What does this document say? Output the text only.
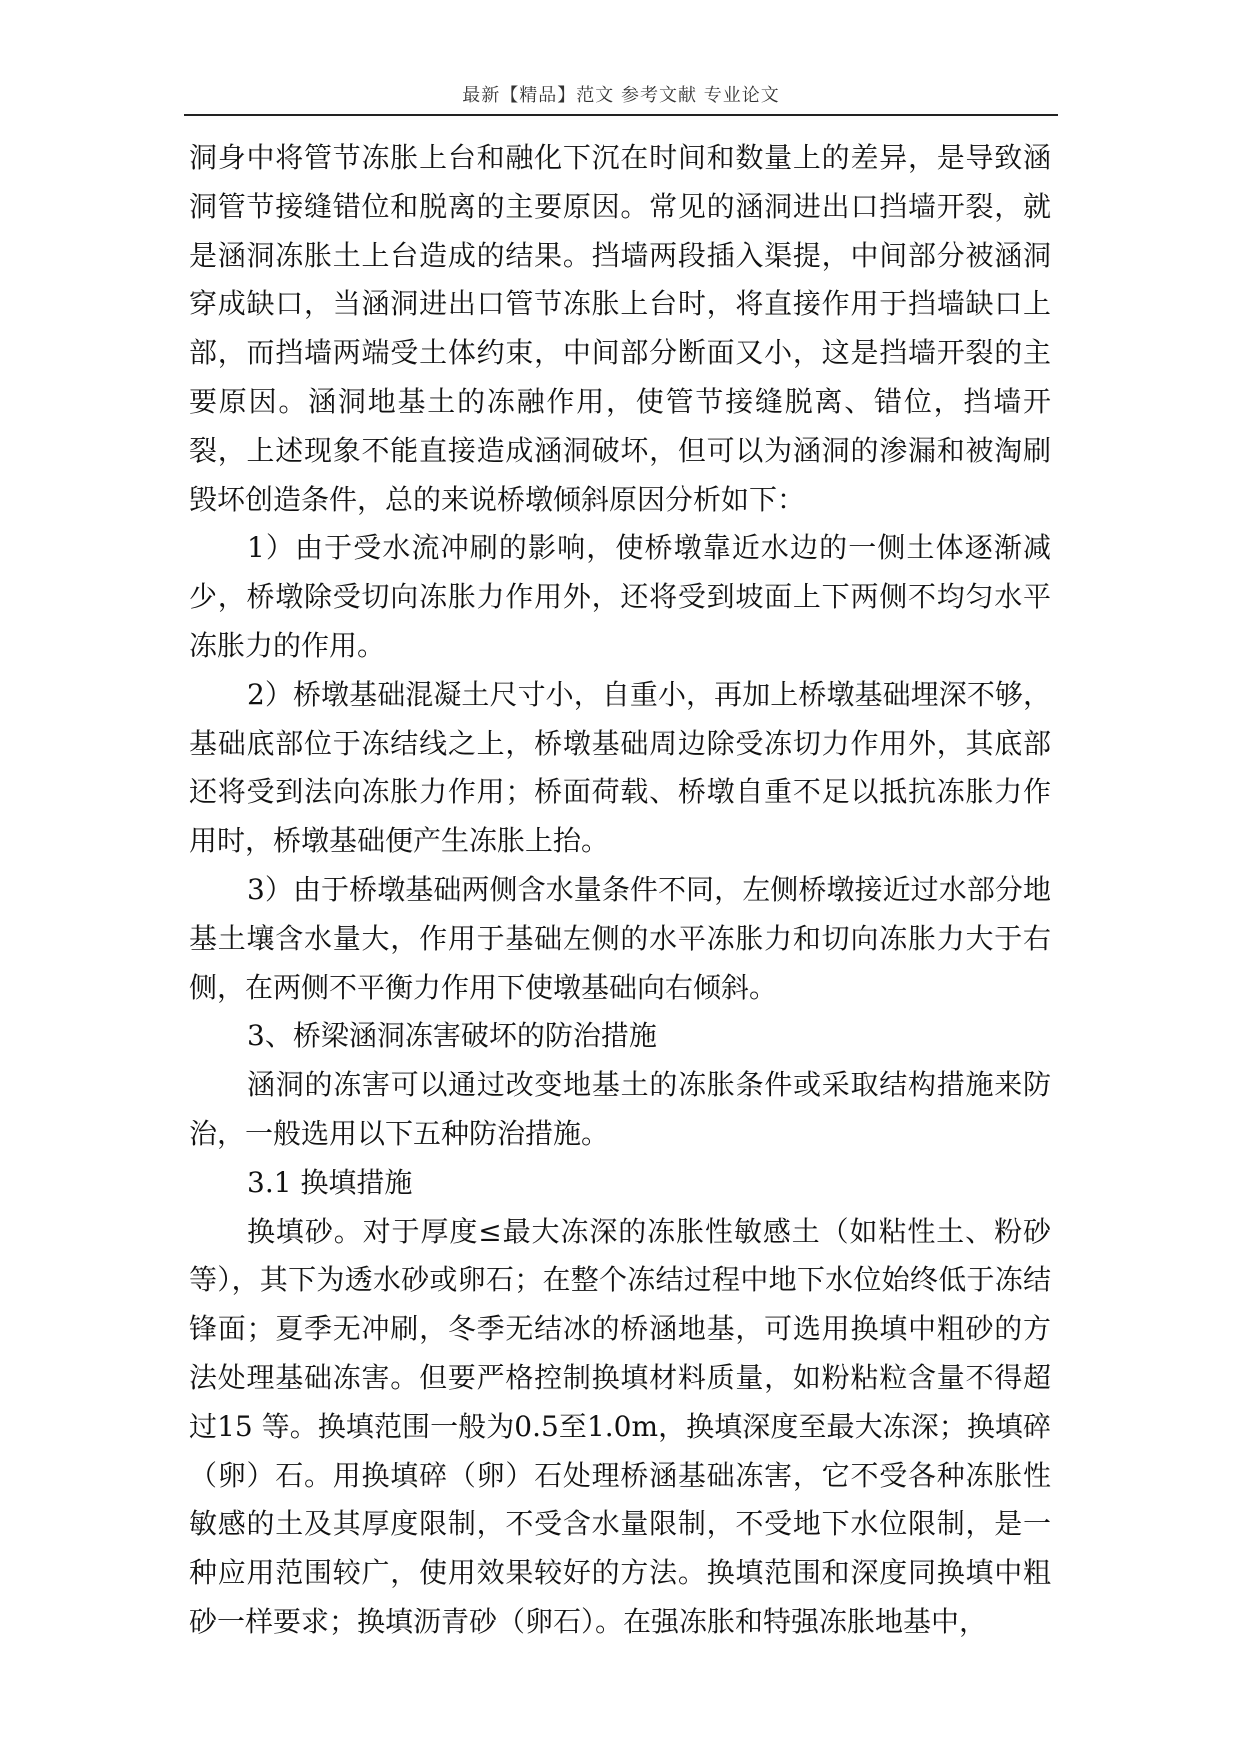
最新【精品】范文 参考文献 专业论文

洞身中将管节冻胀上台和融化下沉在时间和数量上的差异，是导致涵洞管节接缝错位和脱离的主要原因。常见的涵洞进出口挡墙开裂，就是涵洞冻胀土上台造成的结果。挡墙两段插入渠提，中间部分被涵洞穿成缺口，当涵洞进出口管节冻胀上台时，将直接作用于挡墙缺口上部，而挡墙两端受土体约束，中间部分断面又小，这是挡墙开裂的主要原因。涵洞地基土的冻融作用，使管节接缝脱离、错位，挡墙开裂，上述现象不能直接造成涵洞破坏，但可以为涵洞的渗漏和被淘刷毁坏创造条件，总的来说桥墩倾斜原因分析如下：

1）由于受水流冲刷的影响，使桥墩靠近水边的一侧土体逐渐减少，桥墩除受切向冻胀力作用外，还将受到坡面上下两侧不均匀水平冻胀力的作用。

2）桥墩基础混凝土尺寸小，自重小，再加上桥墩基础埋深不够，基础底部位于冻结线之上，桥墩基础周边除受冻切力作用外，其底部还将受到法向冻胀力作用；桥面荷载、桥墩自重不足以抵抗冻胀力作用时，桥墩基础便产生冻胀上抬。

3）由于桥墩基础两侧含水量条件不同，左侧桥墩接近过水部分地基土壤含水量大，作用于基础左侧的水平冻胀力和切向冻胀力大于右侧，在两侧不平衡力作用下使墩基础向右倾斜。

3、桥梁涵洞冻害破坏的防治措施

涵洞的冻害可以通过改变地基土的冻胀条件或采取结构措施来防治，一般选用以下五种防治措施。

3.1 换填措施

换填砂。对于厚度≤最大冻深的冻胀性敏感土（如粘性土、粉砂等），其下为透水砂或卵石；在整个冻结过程中地下水位始终低于冻结锋面；夏季无冲刷，冬季无结冰的桥涵地基，可选用换填中粗砂的方法处理基础冻害。但要严格控制换填材料质量，如粉粘粒含量不得超过15 等。换填范围一般为0.5至1.0m，换填深度至最大冻深；换填碎（卵）石。用换填碎（卵）石处理桥涵基础冻害，它不受各种冻胀性敏感的土及其厚度限制，不受含水量限制，不受地下水位限制，是一种应用范围较广，使用效果较好的方法。换填范围和深度同换填中粗砂一样要求；换填沥青砂（卵石）。在强冻胀和特强冻胀地基中，
